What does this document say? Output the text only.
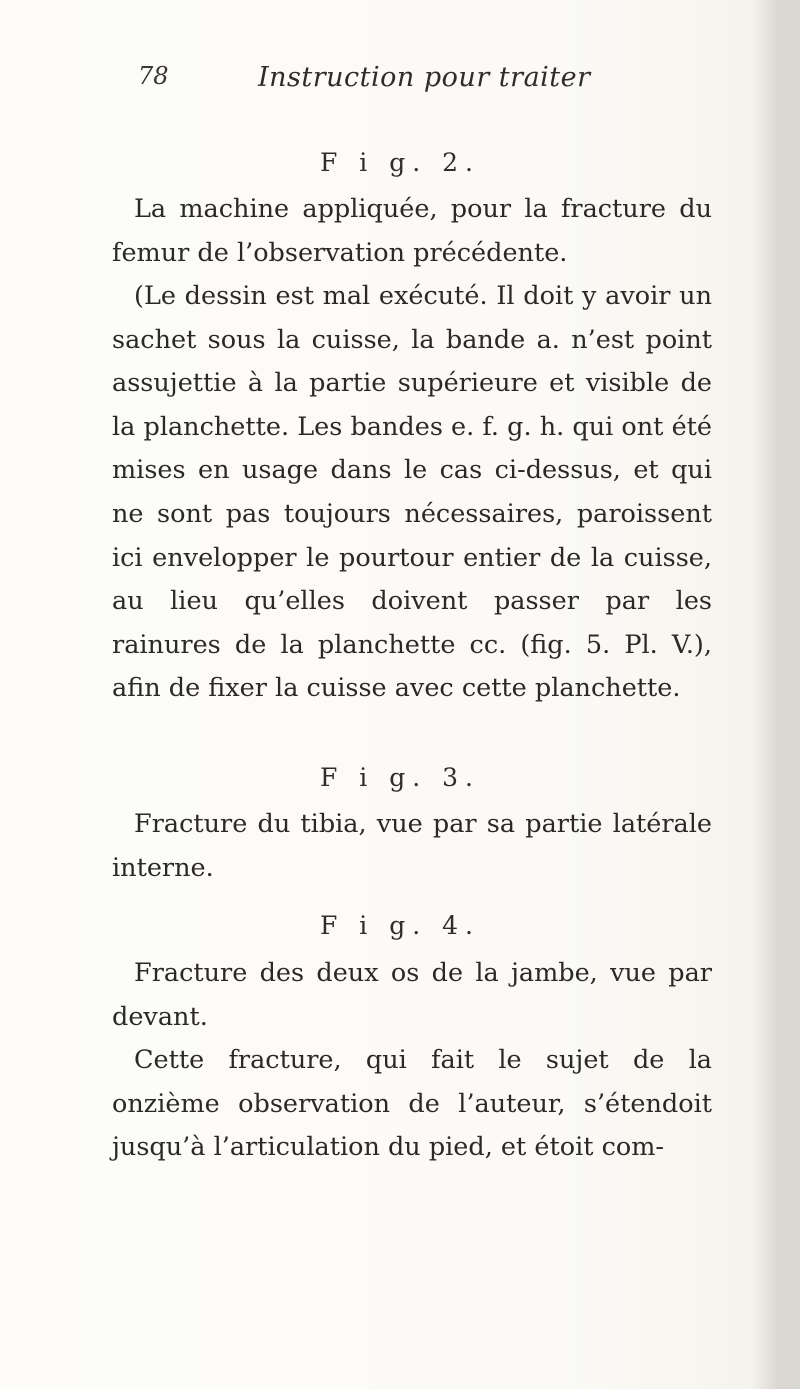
78	Instruction pour traiter
F i g. 2.

La machine appliquée, pour la fracture du femur de l’observation précédente.

(Le dessin est mal exécuté. Il doit y avoir un sachet sous la cuisse, la bande a. n’est point assujettie à la partie supérieure et visible de la planchette. Les bandes e. f. g. h. qui ont été mises en usage dans le cas ci-dessus, et qui ne sont pas toujours nécessaires, paroissent ici envelopper le pourtour entier de la cuisse, au lieu qu’elles doivent passer par les rainures de la planchette cc. (fig. 5. Pl. V.), afin de fixer la cuisse avec cette planchette.

F i g. 3.

Fracture du tibia, vue par sa partie latérale interne.

F i g. 4.

Fracture des deux os de la jambe, vue par devant.

Cette fracture, qui fait le sujet de la onzième observation de l’auteur, s’étendoit jusqu’à l’articulation du pied, et étoit com-
